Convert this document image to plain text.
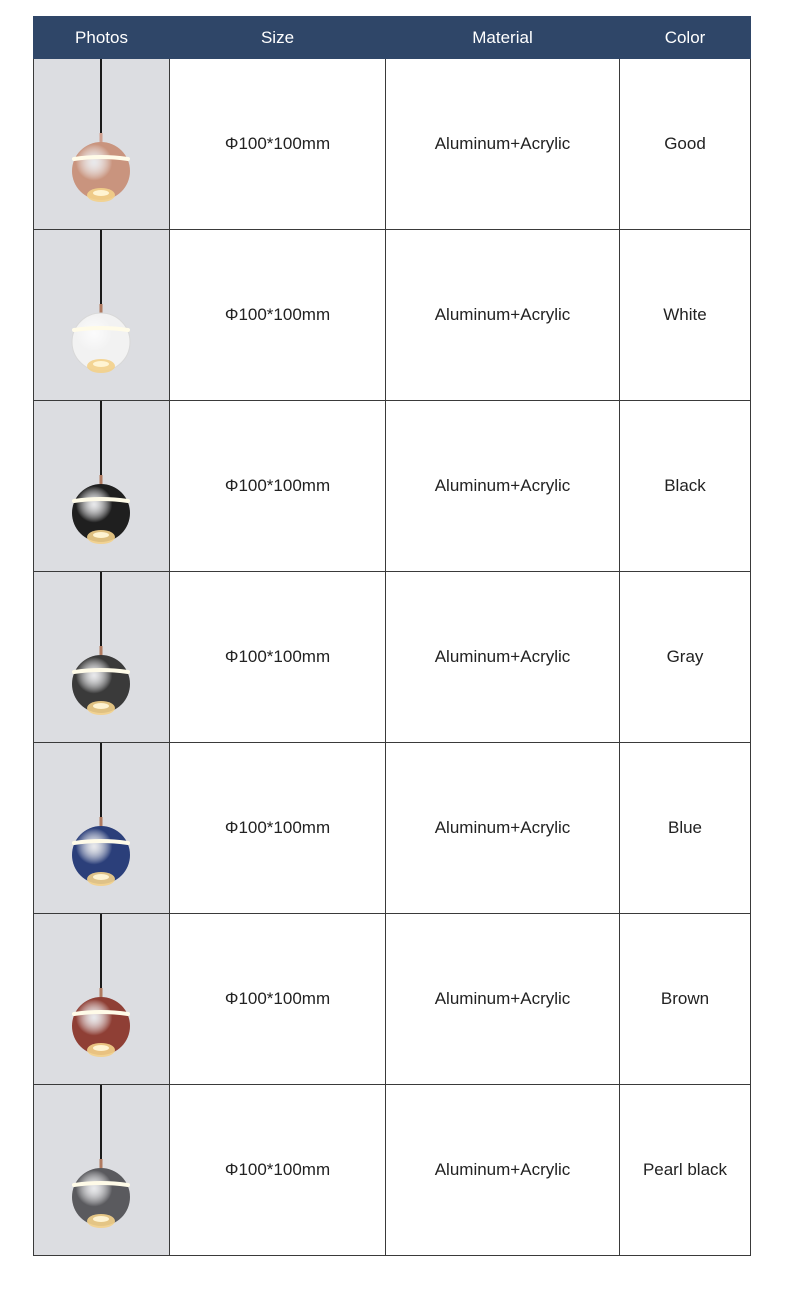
Photos	Size	Material	Color

	Φ100*100mm	Aluminum+Acrylic	Good

	Φ100*100mm	Aluminum+Acrylic	White

	Φ100*100mm	Aluminum+Acrylic	Black

	Φ100*100mm	Aluminum+Acrylic	Gray

	Φ100*100mm	Aluminum+Acrylic	Blue

	Φ100*100mm	Aluminum+Acrylic	Brown

	Φ100*100mm	Aluminum+Acrylic	Pearl black
